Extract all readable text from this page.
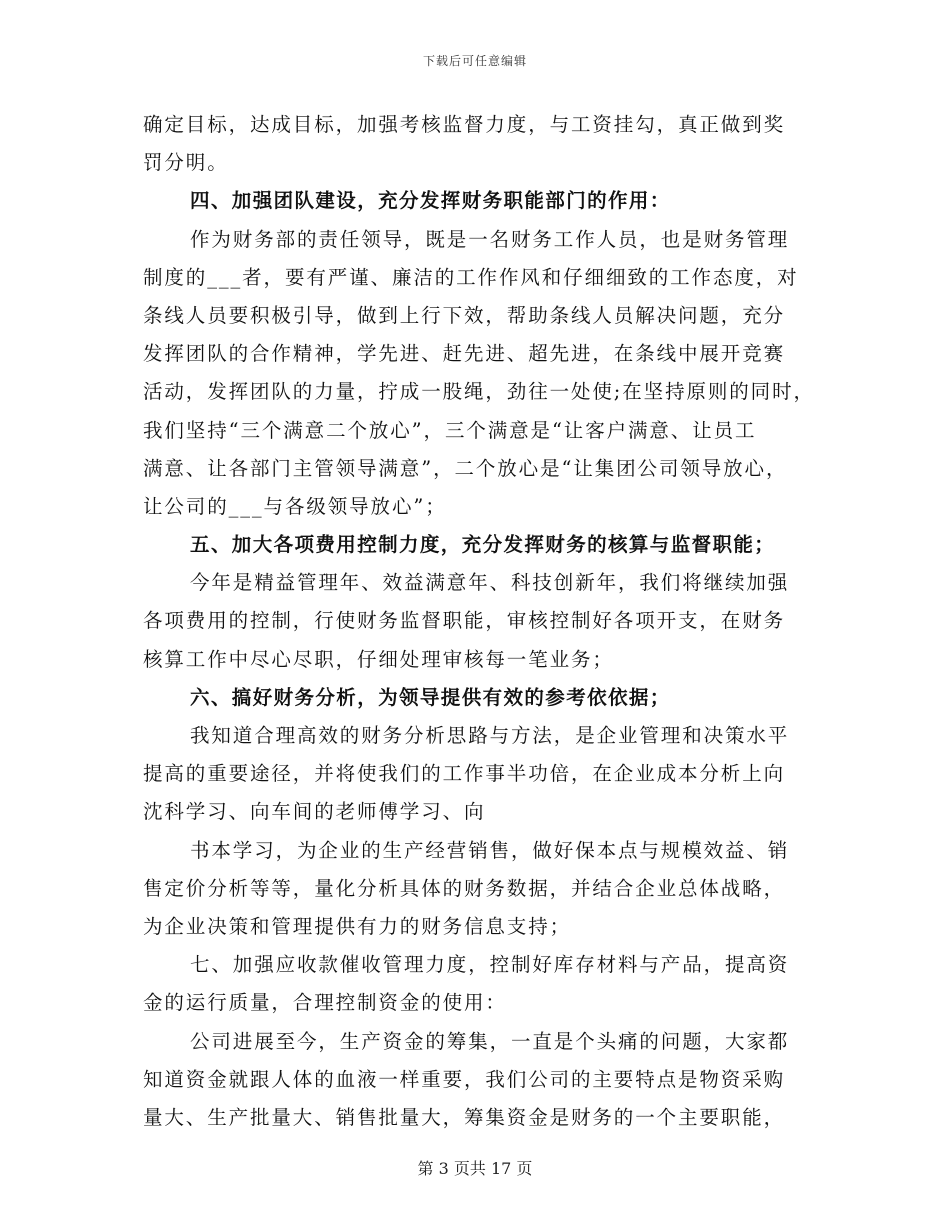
下载后可任意编辑
确定目标，达成目标，加强考核监督力度，与工资挂勾，真正做到奖
罚分明。
四、加强团队建设，充分发挥财务职能部门的作用：
作为财务部的责任领导，既是一名财务工作人员，也是财务管理
制度的___者，要有严谨、廉洁的工作作风和仔细细致的工作态度，对
条线人员要积极引导，做到上行下效，帮助条线人员解决问题，充分
发挥团队的合作精神，学先进、赶先进、超先进，在条线中展开竞赛
活动，发挥团队的力量，拧成一股绳，劲往一处使;在坚持原则的同时，
我们坚持“三个满意二个放心”，三个满意是“让客户满意、让员工
满意、让各部门主管领导满意”，二个放心是“让集团公司领导放心，
让公司的___与各级领导放心”；
五、加大各项费用控制力度，充分发挥财务的核算与监督职能；
今年是精益管理年、效益满意年、科技创新年，我们将继续加强
各项费用的控制，行使财务监督职能，审核控制好各项开支，在财务
核算工作中尽心尽职，仔细处理审核每一笔业务；
六、搞好财务分析，为领导提供有效的参考依依据；
我知道合理高效的财务分析思路与方法，是企业管理和决策水平
提高的重要途径，并将使我们的工作事半功倍，在企业成本分析上向
沈科学习、向车间的老师傅学习、向
书本学习，为企业的生产经营销售，做好保本点与规模效益、销
售定价分析等等，量化分析具体的财务数据，并结合企业总体战略，
为企业决策和管理提供有力的财务信息支持；
七、加强应收款催收管理力度，控制好库存材料与产品，提高资
金的运行质量，合理控制资金的使用：
公司进展至今，生产资金的筹集，一直是个头痛的问题，大家都
知道资金就跟人体的血液一样重要，我们公司的主要特点是物资采购
量大、生产批量大、销售批量大，筹集资金是财务的一个主要职能，
第 3 页共 17 页
